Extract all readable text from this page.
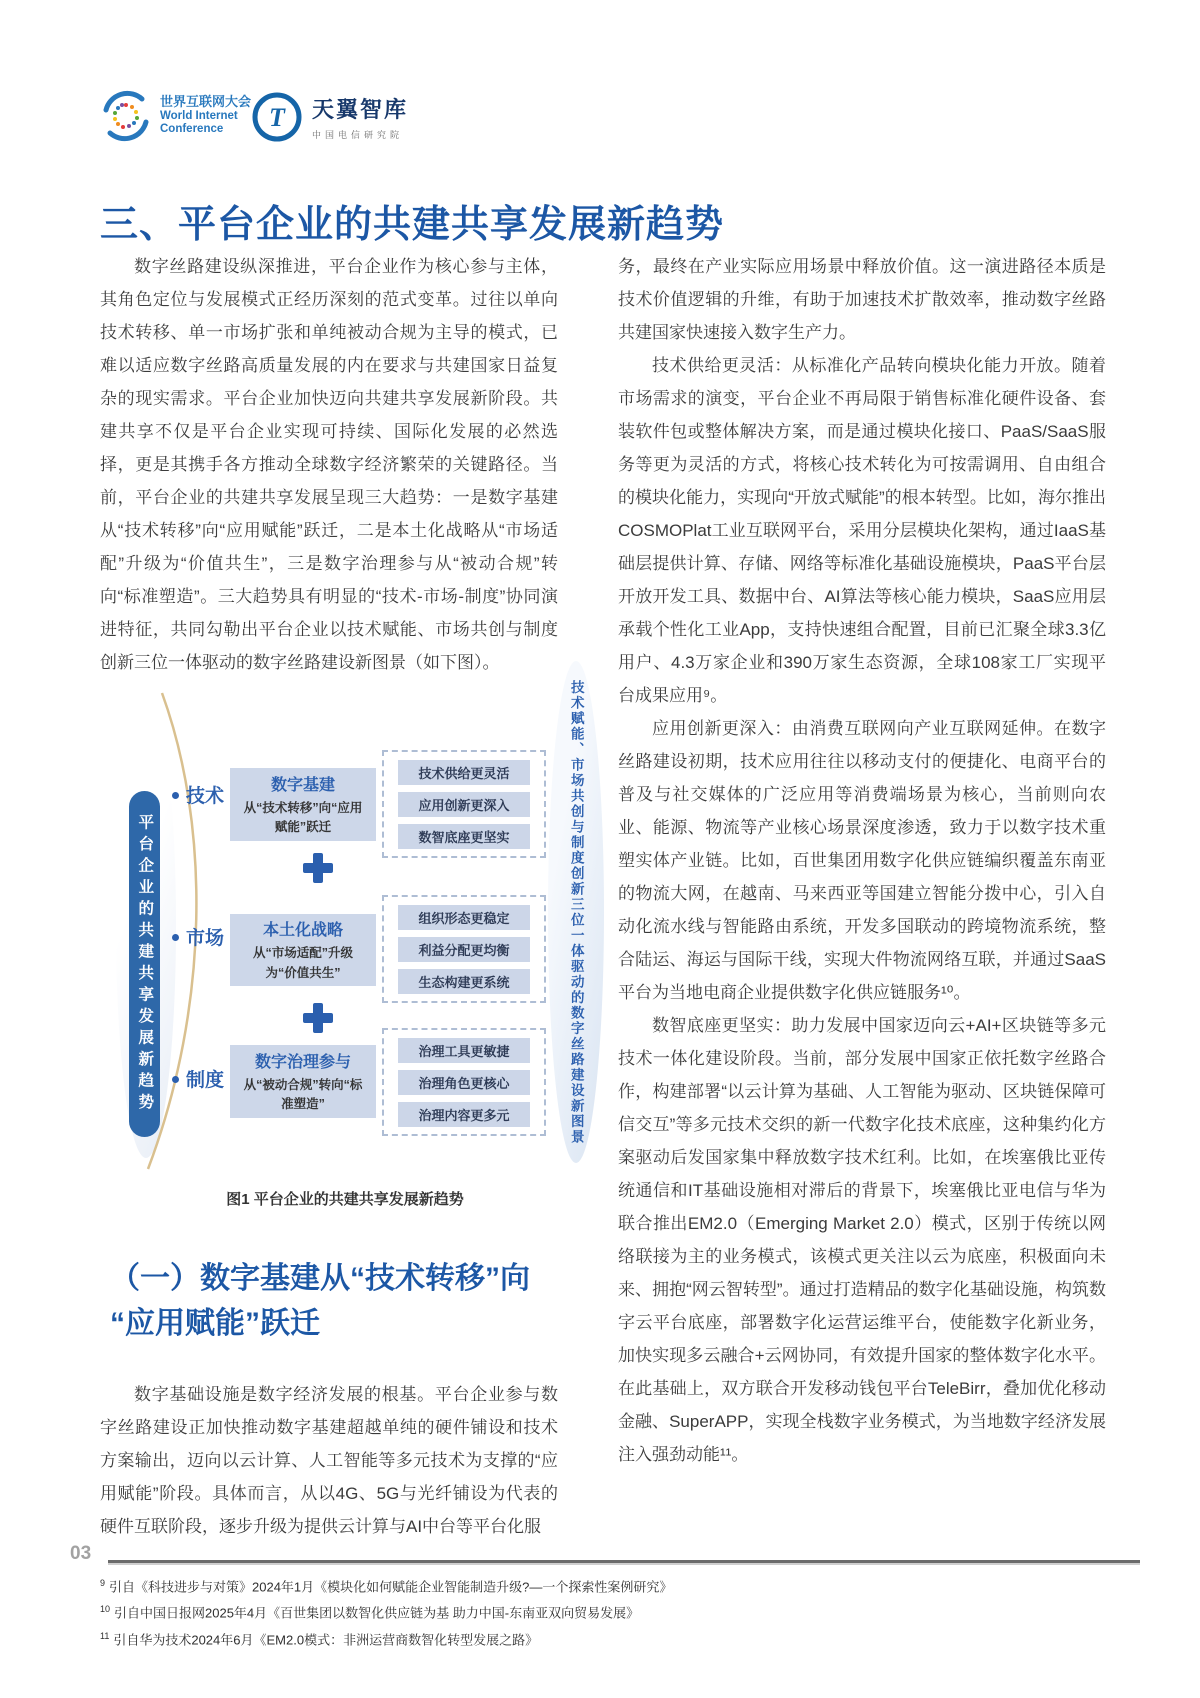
世界互联网大会
World Internet
Conference	T 天翼智库
中国电信研究院
三、平台企业的共建共享发展新趋势

数字丝路建设纵深推进，平台企业作为核心参与主体，其角色定位与发展模式正经历深刻的范式变革。过往以单向技术转移、单一市场扩张和单纯被动合规为主导的模式，已难以适应数字丝路高质量发展的内在要求与共建国家日益复杂的现实需求。平台企业加快迈向共建共享发展新阶段。共建共享不仅是平台企业实现可持续、国际化发展的必然选择，更是其携手各方推动全球数字经济繁荣的关键路径。当前，平台企业的共建共享发展呈现三大趋势：一是数字基建从“技术转移”向“应用赋能”跃迁，二是本土化战略从“市场适配”升级为“价值共生”，三是数字治理参与从“被动合规”转向“标准塑造”。三大趋势具有明显的“技术-市场-制度”协同演进特征，共同勾勒出平台企业以技术赋能、市场共创与制度创新三位一体驱动的数字丝路建设新图景（如下图）。

平台企业的共建共享发展新趋势
技术
数字基建
从“技术转移”向“应用赋能”跃迁
技术供给更灵活
应用创新更深入
数智底座更坚实
市场	本土化战略
从“市场适配”升级为“价值共生”
组织形态更稳定
利益分配更均衡
生态构建更系统
制度
数字治理参与
从“被动合规”转向“标准塑造”
治理工具更敏捷
治理角色更核心
治理内容更多元	技术赋能、市场共创与制度创新三位一体驱动的数字丝路建设新图景
图1 平台企业的共建共享发展新趋势
（一）数字基建从“技术转移”向
“应用赋能”跃迁

数字基础设施是数字经济发展的根基。平台企业参与数字丝路建设正加快推动数字基建超越单纯的硬件铺设和技术方案输出，迈向以云计算、人工智能等多元技术为支撑的“应用赋能”阶段。具体而言，从以4G、5G与光纤铺设为代表的硬件互联阶段，逐步升级为提供云计算与AI中台等平台化服

务，最终在产业实际应用场景中释放价值。这一演进路径本质是技术价值逻辑的升维，有助于加速技术扩散效率，推动数字丝路共建国家快速接入数字生产力。

技术供给更灵活：从标准化产品转向模块化能力开放。随着市场需求的演变，平台企业不再局限于销售标准化硬件设备、套装软件包或整体解决方案，而是通过模块化接口、PaaS/SaaS服务等更为灵活的方式，将核心技术转化为可按需调用、自由组合的模块化能力，实现向“开放式赋能”的根本转型。比如，海尔推出COSMOPlat工业互联网平台，采用分层模块化架构，通过IaaS基础层提供计算、存储、网络等标准化基础设施模块，PaaS平台层开放开发工具、数据中台、AI算法等核心能力模块，SaaS应用层承载个性化工业App，支持快速组合配置，目前已汇聚全球3.3亿用户、4.3万家企业和390万家生态资源，全球108家工厂实现平台成果应用⁹。

应用创新更深入：由消费互联网向产业互联网延伸。在数字丝路建设初期，技术应用往往以移动支付的便捷化、电商平台的普及与社交媒体的广泛应用等消费端场景为核心，当前则向农业、能源、物流等产业核心场景深度渗透，致力于以数字技术重塑实体产业链。比如，百世集团用数字化供应链编织覆盖东南亚的物流大网，在越南、马来西亚等国建立智能分拨中心，引入自动化流水线与智能路由系统，开发多国联动的跨境物流系统，整合陆运、海运与国际干线，实现大件物流网络互联，并通过SaaS平台为当地电商企业提供数字化供应链服务¹⁰。

数智底座更坚实：助力发展中国家迈向云+AI+区块链等多元技术一体化建设阶段。当前，部分发展中国家正依托数字丝路合作，构建部署“以云计算为基础、人工智能为驱动、区块链保障可信交互”等多元技术交织的新一代数字化技术底座，这种集约化方案驱动后发国家集中释放数字技术红利。比如，在埃塞俄比亚传统通信和IT基础设施相对滞后的背景下，埃塞俄比亚电信与华为联合推出EM2.0（Emerging Market 2.0）模式，区别于传统以网络联接为主的业务模式，该模式更关注以云为底座，积极面向未来、拥抱“网云智转型”。通过打造精品的数字化基础设施，构筑数字云平台底座，部署数字化运营运维平台，使能数字化新业务，加快实现多云融合+云网协同，有效提升国家的整体数字化水平。在此基础上，双方联合开发移动钱包平台TeleBirr，叠加优化移动金融、SuperAPP，实现全栈数字业务模式，为当地数字经济发展注入强劲动能¹¹。

03
$^9$ 引自《科技进步与对策》2024年1月《模块化如何赋能企业智能制造升级?—一个探索性案例研究》
$^{10}$ 引自中国日报网2025年4月《百世集团以数智化供应链为基 助力中国-东南亚双向贸易发展》
$^{11}$ 引自华为技术2024年6月《EM2.0模式：非洲运营商数智化转型发展之路》
